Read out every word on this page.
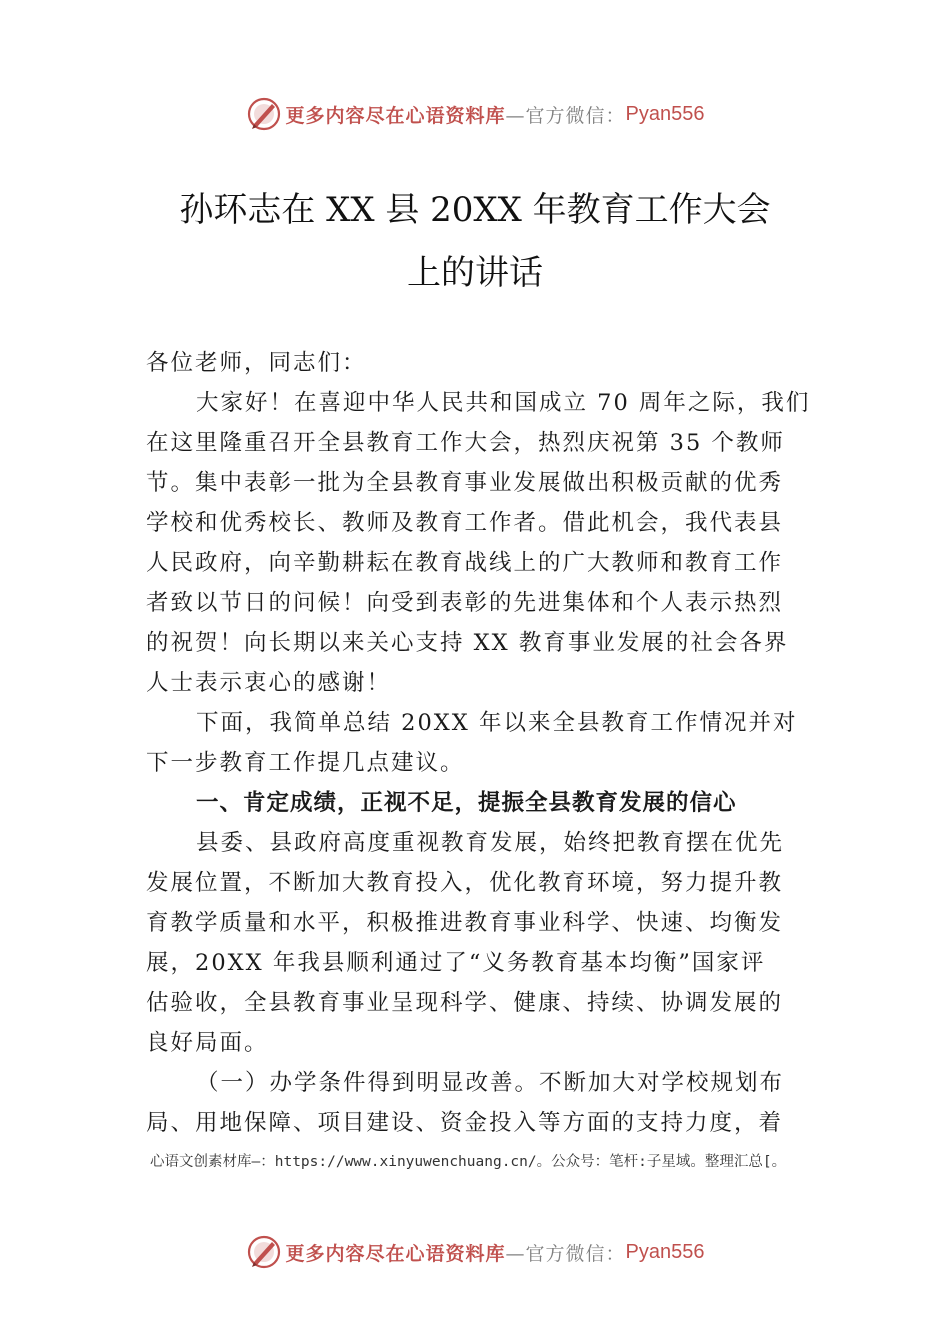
更多内容尽在心语资料库 —官方微信： Pyan556
孙环志在 XX 县 20XX 年教育工作大会
上的讲话
各位老师，同志们：
大家好！在喜迎中华人民共和国成立 70 周年之际，我们
在这里隆重召开全县教育工作大会，热烈庆祝第 35 个教师
节。集中表彰一批为全县教育事业发展做出积极贡献的优秀
学校和优秀校长、教师及教育工作者。借此机会，我代表县
人民政府，向辛勤耕耘在教育战线上的广大教师和教育工作
者致以节日的问候！向受到表彰的先进集体和个人表示热烈
的祝贺！向长期以来关心支持 XX 教育事业发展的社会各界
人士表示衷心的感谢！
下面，我简单总结 20XX 年以来全县教育工作情况并对
下一步教育工作提几点建议。
一、肯定成绩，正视不足，提振全县教育发展的信心
县委、县政府高度重视教育发展，始终把教育摆在优先
发展位置，不断加大教育投入，优化教育环境，努力提升教
育教学质量和水平，积极推进教育事业科学、快速、均衡发
展，20XX 年我县顺利通过了“义务教育基本均衡”国家评
估验收，全县教育事业呈现科学、健康、持续、协调发展的
良好局面。
（一）办学条件得到明显改善。不断加大对学校规划布
局、用地保障、项目建设、资金投入等方面的支持力度，着
心语文创素材库—：https://www.xinyuwenchuang.cn/。公众号：笔杆:子星域。整理汇总[。
更多内容尽在心语资料库 —官方微信： Pyan556
